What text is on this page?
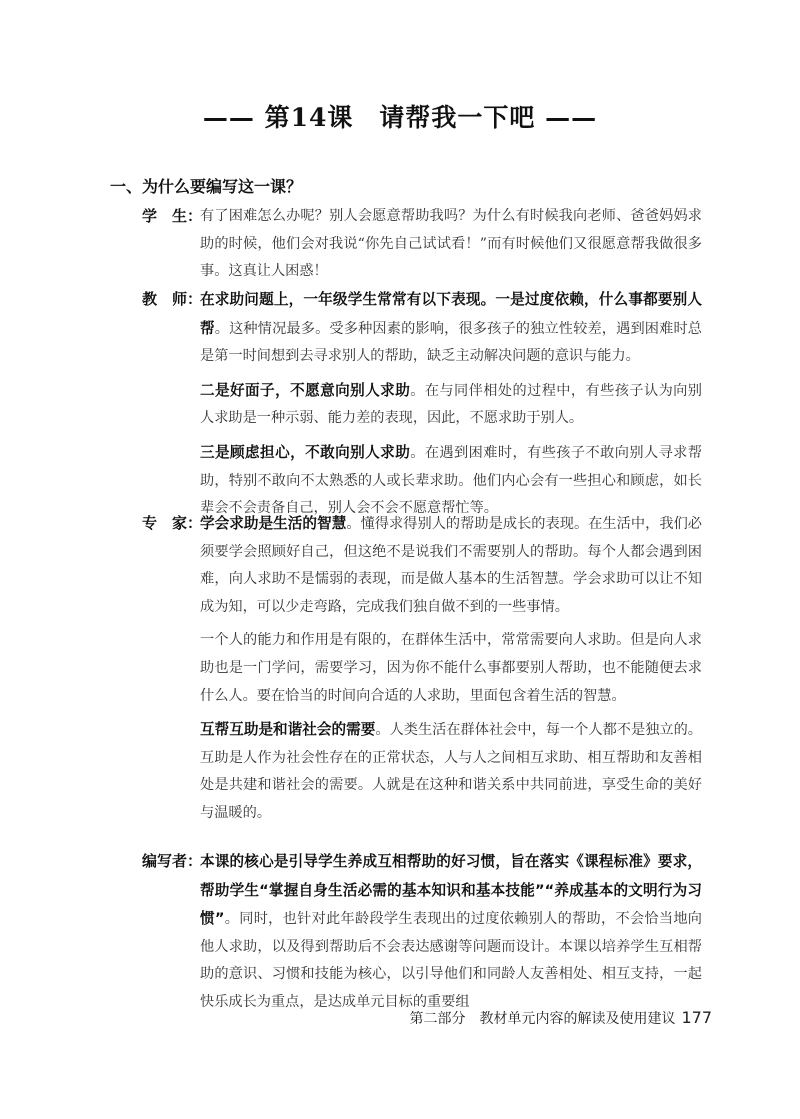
—— 第14课　请帮我一下吧 ——
一、为什么要编写这一课？
学　生：

有了困难怎么办呢？别人会愿意帮助我吗？为什么有时候我向老师、爸爸妈妈求助的时候，他们会对我说“你先自己试试看！”而有时候他们又很愿意帮我做很多事。这真让人困惑！

教　师：

在求助问题上，一年级学生常常有以下表现。一是过度依赖，什么事都要别人帮。这种情况最多。受多种因素的影响，很多孩子的独立性较差，遇到困难时总是第一时间想到去寻求别人的帮助，缺乏主动解决问题的意识与能力。

二是好面子，不愿意向别人求助。在与同伴相处的过程中，有些孩子认为向别人求助是一种示弱、能力差的表现，因此，不愿求助于别人。

三是顾虑担心，不敢向别人求助。在遇到困难时，有些孩子不敢向别人寻求帮助，特别不敢向不太熟悉的人或长辈求助。他们内心会有一些担心和顾虑，如长辈会不会责备自己，别人会不会不愿意帮忙等。

专　家：

学会求助是生活的智慧。懂得求得别人的帮助是成长的表现。在生活中，我们必须要学会照顾好自己，但这绝不是说我们不需要别人的帮助。每个人都会遇到困难，向人求助不是懦弱的表现，而是做人基本的生活智慧。学会求助可以让不知成为知，可以少走弯路，完成我们独自做不到的一些事情。

一个人的能力和作用是有限的，在群体生活中，常常需要向人求助。但是向人求助也是一门学问，需要学习，因为你不能什么事都要别人帮助，也不能随便去求什么人。要在恰当的时间向合适的人求助，里面包含着生活的智慧。

互帮互助是和谐社会的需要。人类生活在群体社会中，每一个人都不是独立的。互助是人作为社会性存在的正常状态，人与人之间相互求助、相互帮助和友善相处是共建和谐社会的需要。人就是在这种和谐关系中共同前进，享受生命的美好与温暖的。

编写者：

本课的核心是引导学生养成互相帮助的好习惯，旨在落实《课程标准》要求，帮助学生“掌握自身生活必需的基本知识和基本技能”“养成基本的文明行为习惯”。同时，也针对此年龄段学生表现出的过度依赖别人的帮助，不会恰当地向他人求助，以及得到帮助后不会表达感谢等问题而设计。本课以培养学生互相帮助的意识、习惯和技能为核心，以引导他们和同龄人友善相处、相互支持，一起快乐成长为重点，是达成单元目标的重要组

第二部分　教材单元内容的解读及使用建议 177
